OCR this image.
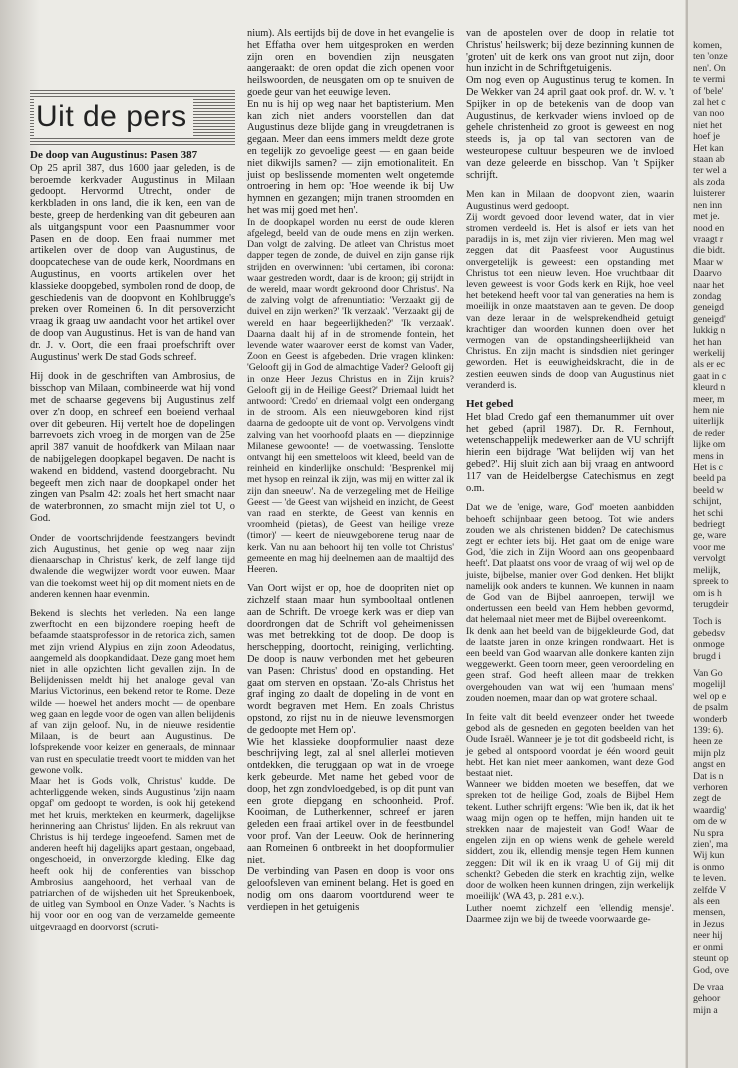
Uit de pers
De doop van Augustinus: Pasen 387

Op 25 april 387, dus 1600 jaar geleden, is de beroemde kerkvader Augustinus in Milaan gedoopt. Hervormd Utrecht, onder de kerkbladen in ons land, die ik ken, een van de beste, greep de herdenking van dit gebeuren aan als uitgangspunt voor een Paasnummer voor Pasen en de doop. Een fraai nummer met artikelen over de doop van Augustinus, de doopcatechese van de oude kerk, Noordmans en Augustinus, en voorts artikelen over het klassieke doopgebed, symbolen rond de doop, de geschiedenis van de doopvont en Kohlbrugge's preken over Romeinen 6. In dit persoverzicht vraag ik graag uw aandacht voor het artikel over de doop van Augustinus. Het is van de hand van dr. J. v. Oort, die een fraai proefschrift over Augustinus' werk De stad Gods schreef.

Hij dook in de geschriften van Ambrosius, de bisschop van Milaan, combineerde wat hij vond met de schaarse gegevens bij Augustinus zelf over z'n doop, en schreef een boeiend verhaal over dit gebeuren. Hij vertelt hoe de dopelingen barrevoets zich vroeg in de morgen van de 25e april 387 vanuit de hoofdkerk van Milaan naar de nabijgelegen doopkapel begaven. De nacht is wakend en biddend, vastend doorgebracht. Nu begeeft men zich naar de doopkapel onder het zingen van Psalm 42: zoals het hert smacht naar de waterbronnen, zo smacht mijn ziel tot U, o God.

Onder de voortschrijdende feestzangers bevindt zich Augustinus, het genie op weg naar zijn dienaarschap in Christus' kerk, de zelf lange tijd dwalende die wegwijzer wordt voor euwen. Maar van die toekomst weet hij op dit moment niets en de anderen kennen haar evenmin.

Bekend is slechts het verleden. Na een lange zwerftocht en een bijzondere roeping heeft de befaamde staatsprofessor in de retorica zich, samen met zijn vriend Alypius en zijn zoon Adeodatus, aangemeld als doopkandidaat. Deze gang moet hem niet in alle opzichten licht gevallen zijn. In de Belijdenissen meldt hij het analoge geval van Marius Victorinus, een bekend retor te Rome. Deze wilde — hoewel het anders mocht — de openbare weg gaan en legde voor de ogen van allen belijdenis af van zijn geloof. Nu, in de nieuwe residentie Milaan, is de beurt aan Augustinus. De lofsprekende voor keizer en generaals, de minnaar van rust en speculatie treedt voort te midden van het gewone volk.

Maar het is Gods volk, Christus' kudde. De achterliggende weken, sinds Augustinus 'zijn naam opgaf' om gedoopt te worden, is ook hij getekend met het kruis, merkteken en keurmerk, dagelijkse herinnering aan Christus' lijden. En als rekruut van Christus is hij terdege ingeoefend. Samen met de anderen heeft hij dagelijks apart gestaan, ongebaad, ongeschoeid, in onverzorgde kleding. Elke dag heeft ook hij de conferenties van bisschop Ambrosius aangehoord, het verhaal van de patriarchen of de wijsheden uit het Spreukenboek, de uitleg van Symbool en Onze Vader. 's Nachts is hij voor oor en oog van de verzamelde gemeente uitgevraagd en doorvorst (scruti-

nium). Als eertijds bij de dove in het evangelie is het Effatha over hem uitgesproken en werden zijn oren en bovendien zijn neusgaten aangeraakt: de oren opdat die zich openen voor heilswoorden, de neusgaten om op te snuiven de goede geur van het eeuwige leven.

En nu is hij op weg naar het baptisterium. Men kan zich niet anders voorstellen dan dat Augustinus deze blijde gang in vreugdetranen is gegaan. Meer dan eens immers meldt deze grote en tegelijk zo gevoelige geest — en gaan beide niet dikwijls samen? — zijn emotionaliteit. En juist op beslissende momenten welt ongetemde ontroering in hem op: 'Hoe weende ik bij Uw hymnen en gezangen; mijn tranen stroomden en het was mij goed met hen'.

In de doopkapel worden nu eerst de oude kleren afgelegd, beeld van de oude mens en zijn werken. Dan volgt de zalving. De atleet van Christus moet dapper tegen de zonde, de duivel en zijn ganse rijk strijden en overwinnen: 'ubi certamen, ibi corona: waar gestreden wordt, daar is de kroon; gij strijdt in de wereld, maar wordt gekroond door Christus'. Na de zalving volgt de afrenuntiatio: 'Verzaakt gij de duivel en zijn werken?' 'Ik verzaak'. 'Verzaakt gij de wereld en haar begeerlijkheden?' 'Ik verzaak'. Daarna daalt hij af in de stromende fontein, het levende water waarover eerst de komst van Vader, Zoon en Geest is afgebeden. Drie vragen klinken: 'Gelooft gij in God de almachtige Vader? Gelooft gij in onze Heer Jezus Christus en in Zijn kruis? Gelooft gij in de Heilige Geest?' Driemaal luidt het antwoord: 'Credo' en driemaal volgt een ondergang in de stroom. Als een nieuwgeboren kind rijst daarna de gedoopte uit de vont op. Vervolgens vindt zalving van het voorhoofd plaats en — diepzinnige Milanese gewoonte! — de voetwassing. Tenslotte ontvangt hij een smetteloos wit kleed, beeld van de reinheid en kinderlijke onschuld: 'Besprenkel mij met hysop en reinzal ik zijn, was mij en witter zal ik zijn dan sneeuw'. Na de verzegeling met de Heilige Geest — 'de Geest van wijsheid en inzicht, de Geest van raad en sterkte, de Geest van kennis en vroomheid (pietas), de Geest van heilige vreze (timor)' — keert de nieuwgeborene terug naar de kerk. Van nu aan behoort hij ten volle tot Christus' gemeente en mag hij deelnemen aan de maaltijd des Heeren.

Van Oort wijst er op, hoe de doopriten niet op zichzelf staan maar hun symbooltaal ontlenen aan de Schrift. De vroege kerk was er diep van doordrongen dat de Schrift vol geheimenissen was met betrekking tot de doop. De doop is herschepping, doortocht, reiniging, verlichting. De doop is nauw verbonden met het gebeuren van Pasen: Christus' dood en opstanding. Het gaat om sterven en opstaan. 'Zo-als Christus het graf inging zo daalt de dopeling in de vont en wordt begraven met Hem. En zoals Christus opstond, zo rijst nu in de nieuwe levensmorgen de gedoopte met Hem op'.

Wie het klassieke doopformulier naast deze beschrijving legt, zal al snel allerlei motieven ontdekken, die teruggaan op wat in de vroege kerk gebeurde. Met name het gebed voor de doop, het zgn zondvloedgebed, is op dit punt van een grote diepgang en schoonheid. Prof. Kooiman, de Lutherkenner, schreef er jaren geleden een fraai artikel over in de feestbundel voor prof. Van der Leeuw. Ook de herinnering aan Romeinen 6 ontbreekt in het doopformulier niet.

De verbinding van Pasen en doop is voor ons geloofsleven van eminent belang. Het is goed en nodig om ons daarom voortdurend weer te verdiepen in het getuigenis

van de apostelen over de doop in relatie tot Christus' heilswerk; bij deze bezinning kunnen de 'groten' uit de kerk ons van groot nut zijn, door hun inzicht in de Schriftgetuigenis.

Om nog even op Augustinus terug te komen. In De Wekker van 24 april gaat ook prof. dr. W. v. 't Spijker in op de betekenis van de doop van Augustinus, de kerkvader wiens invloed op de gehele christenheid zo groot is geweest en nog steeds is, ja op tal van sectoren van de westeuropese cultuur bespeuren we de invloed van deze geleerde en bisschop. Van 't Spijker schrijft.

Men kan in Milaan de doopvont zien, waarin Augustinus werd gedoopt.

Zij wordt gevoed door levend water, dat in vier stromen verdeeld is. Het is alsof er iets van het paradijs in is, met zijn vier rivieren. Men mag wel zeggen dat dit Paasfeest voor Augustinus onvergetelijk is geweest: een opstanding met Christus tot een nieuw leven. Hoe vruchtbaar dit leven geweest is voor Gods kerk en Rijk, hoe veel het betekend heeft voor tal van generaties na hem is moeilijk in onze maatstaven aan te geven. De doop van deze leraar in de welsprekendheid getuigt krachtiger dan woorden kunnen doen over het vermogen van de opstandingsheerlijkheid van Christus. En zijn macht is sindsdien niet geringer geworden. Het is eeuwigheidskracht, die in de zestien eeuwen sinds de doop van Augustinus niet veranderd is.

Het gebed

Het blad Credo gaf een themanummer uit over het gebed (april 1987). Dr. R. Fernhout, wetenschappelijk medewerker aan de VU schrijft hierin een bijdrage 'Wat belijden wij van het gebed?'. Hij sluit zich aan bij vraag en antwoord 117 van de Heidelbergse Catechismus en zegt o.m.

Dat we de 'enige, ware, God' moeten aanbidden behoeft schijnbaar geen betoog. Tot wie anders zouden we als christenen bidden? De catechismus zegt er echter iets bij. Het gaat om de enige ware God, 'die zich in Zijn Woord aan ons geopenbaard heeft'. Dat plaatst ons voor de vraag of wij wel op de juiste, bijbelse, manier over God denken. Het blijkt namelijk ook anders te kunnen. We kunnen in naam de God van de Bijbel aanroepen, terwijl we ondertussen een beeld van Hem hebben gevormd, dat helemaal niet meer met de Bijbel overeenkomt.

Ik denk aan het beeld van de bijgekleurde God, dat de laatste jaren in onze kringen rondwaart. Het is een beeld van God waarvan alle donkere kanten zijn weggewerkt. Geen toorn meer, geen veroordeling en geen straf. God heeft alleen maar de trekken overgehouden van wat wij een 'humaan mens' zouden noemen, maar dan op wat grotere schaal.

In feite valt dit beeld evenzeer onder het tweede gebod als de gesneden en gegoten beelden van het Oude Israël. Wanneer je je tot dit godsbeeld richt, is je gebed al ontspoord voordat je één woord geuit hebt. Het kan niet meer aankomen, want deze God bestaat niet.

Wanneer we bidden moeten we beseffen, dat we spreken tot de heilige God, zoals de Bijbel Hem tekent. Luther schrijft ergens: 'Wie ben ik, dat ik het waag mijn ogen op te heffen, mijn handen uit te strekken naar de majesteit van God! Waar de engelen zijn en op wiens wenk de gehele wereld siddert, zou ik, ellendig mensje tegen Hem kunnen zeggen: Dit wil ik en ik vraag U of Gij mij dit schenkt? Gebeden die sterk en krachtig zijn, welke door de wolken heen kunnen dringen, zijn werkelijk moeilijk' (WA 43, p. 281 e.v.).

Luther noemt zichzelf een 'ellendig mensje'. Daarmee zijn we bij de tweede voorwaarde ge-

komen,
ten 'onze
nen'. On
te vermi
of 'bele'
zal het c
van noo
niet het
hoef je
Het kan
staan ab
ter wel a
als zoda
luisterer
nen inn
met je.
nood en
vraagt r
die bidt.
Maar w
Daarvo
naar het
zondag
geneigd
geneigd'
lukkig n
het han
werkelij
als er ec
gaat in c
kleurd n
meer, m
hem nie
uiterlijk
de reder
lijke om
mens in
Het is c
beeld pa
beeld w
schijnt,
het schi
bedriegt
ge, ware
voor me
vervolgt
melijk,
spreek to
om is h
terugdeir

Toch is
gebedsv
onmoge
brugd i

Van Go
mogelijl
wel op e
de psalm
wonderb
139: 6).
heen ze
mijn plz
angst en
Dat is n
verhoren
zegt de
waardig'
om de w
Nu spra
zien', ma
Wij kun
is onmo
te leven.
zelfde V
als een
mensen,
in Jezus
neer hij
er onmi
steunt op
God, ove

De vraa
gehoor
mijn a
